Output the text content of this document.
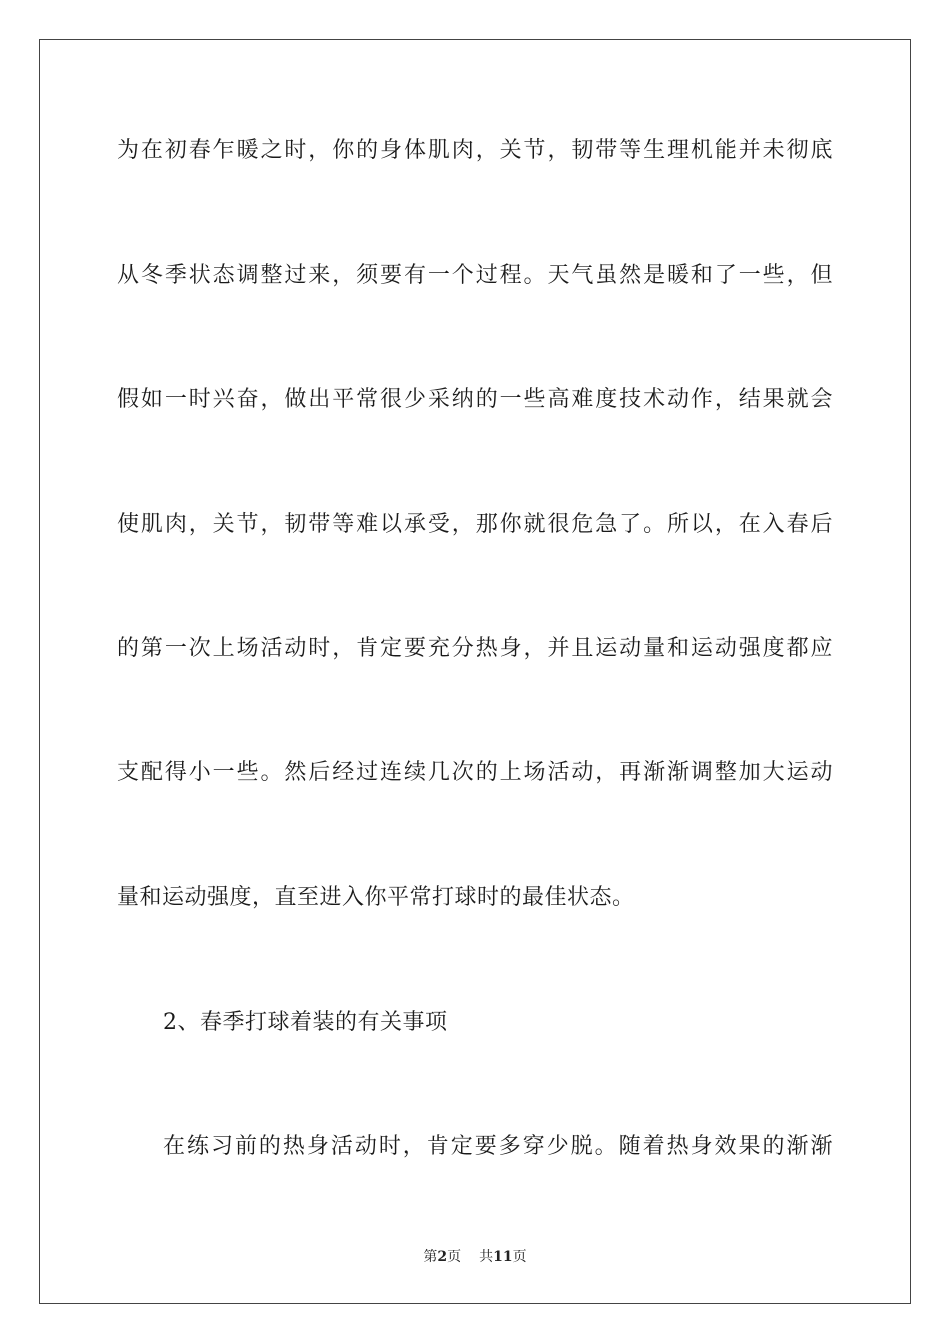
为在初春乍暖之时，你的身体肌肉，关节，韧带等生理机能并未彻底
从冬季状态调整过来，须要有一个过程。天气虽然是暖和了一些，但
假如一时兴奋，做出平常很少采纳的一些高难度技术动作，结果就会
使肌肉，关节，韧带等难以承受，那你就很危急了。所以，在入春后
的第一次上场活动时，肯定要充分热身，并且运动量和运动强度都应
支配得小一些。然后经过连续几次的上场活动，再渐渐调整加大运动
量和运动强度，直至进入你平常打球时的最佳状态。
2、春季打球着装的有关事项
在练习前的热身活动时，肯定要多穿少脱。随着热身效果的渐渐
第2页 共11页
